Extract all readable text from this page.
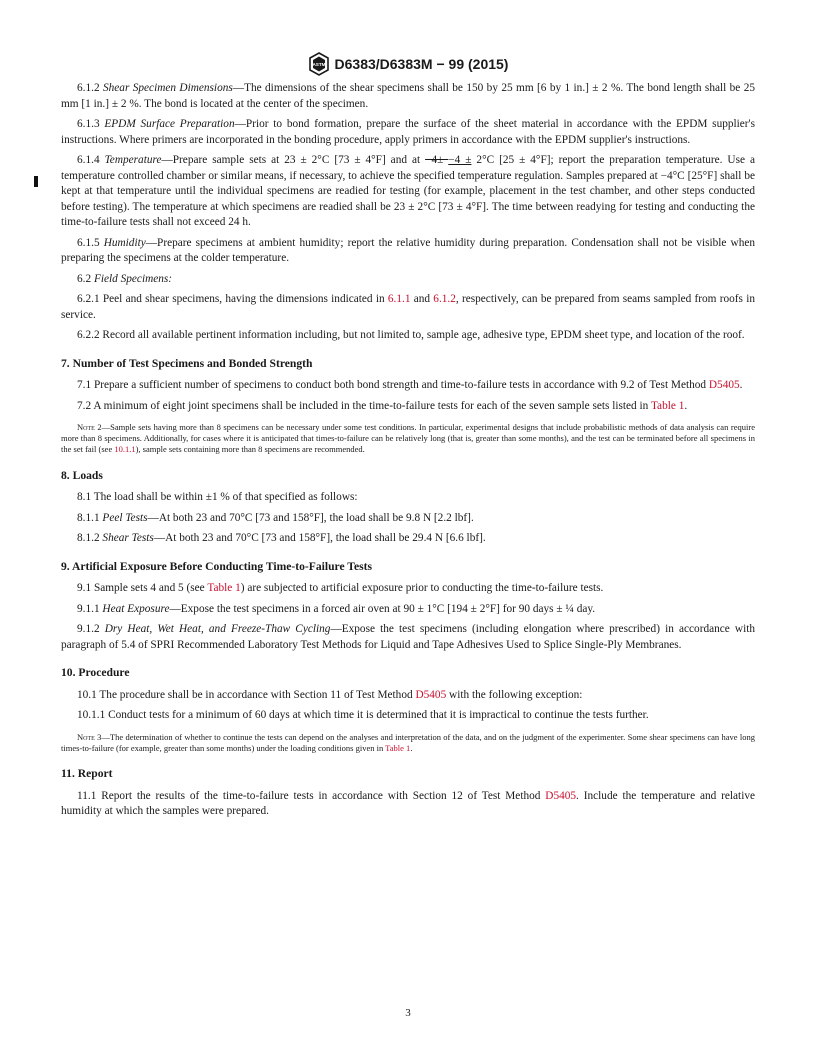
ASTM D6383/D6383M − 99 (2015)

6.1.2 Shear Specimen Dimensions—The dimensions of the shear specimens shall be 150 by 25 mm [6 by 1 in.] ± 2 %. The bond length shall be 25 mm [1 in.] ± 2 %. The bond is located at the center of the specimen.

6.1.3 EPDM Surface Preparation—Prior to bond formation, prepare the surface of the sheet material in accordance with the EPDM supplier's instructions. Where primers are incorporated in the bonding procedure, apply primers in accordance with the EPDM supplier's instructions.

6.1.4 Temperature—Prepare sample sets at 23 ± 2°C [73 ± 4°F] and at −4± −4 ± 2°C [25 ± 4°F]; report the preparation temperature. Use a temperature controlled chamber or similar means, if necessary, to achieve the specified temperature regulation. Samples prepared at −4°C [25°F] shall be kept at that temperature until the individual specimens are readied for testing (for example, placement in the test chamber, and other steps conducted before testing). The temperature at which specimens are readied shall be 23 ± 2°C [73 ± 4°F]. The time between readying for testing and conducting the time-to-failure tests shall not exceed 24 h.

6.1.5 Humidity—Prepare specimens at ambient humidity; report the relative humidity during preparation. Condensation shall not be visible when preparing the specimens at the colder temperature.

6.2 Field Specimens:

6.2.1 Peel and shear specimens, having the dimensions indicated in 6.1.1 and 6.1.2, respectively, can be prepared from seams sampled from roofs in service.

6.2.2 Record all available pertinent information including, but not limited to, sample age, adhesive type, EPDM sheet type, and location of the roof.

7. Number of Test Specimens and Bonded Strength

7.1 Prepare a sufficient number of specimens to conduct both bond strength and time-to-failure tests in accordance with 9.2 of Test Method D5405.

7.2 A minimum of eight joint specimens shall be included in the time-to-failure tests for each of the seven sample sets listed in Table 1.

Note 2—Sample sets having more than 8 specimens can be necessary under some test conditions. In particular, experimental designs that include probabilistic methods of data analysis can require more than 8 specimens. Additionally, for cases where it is anticipated that times-to-failure can be relatively long (that is, greater than some months), and the test can be terminated before all specimens in the set fail (see 10.1.1), sample sets containing more than 8 specimens are recommended.

8. Loads

8.1 The load shall be within ±1 % of that specified as follows:

8.1.1 Peel Tests—At both 23 and 70°C [73 and 158°F], the load shall be 9.8 N [2.2 lbf].

8.1.2 Shear Tests—At both 23 and 70°C [73 and 158°F], the load shall be 29.4 N [6.6 lbf].

9. Artificial Exposure Before Conducting Time-to-Failure Tests

9.1 Sample sets 4 and 5 (see Table 1) are subjected to artificial exposure prior to conducting the time-to-failure tests.

9.1.1 Heat Exposure—Expose the test specimens in a forced air oven at 90 ± 1°C [194 ± 2°F] for 90 days ± ¼ day.

9.1.2 Dry Heat, Wet Heat, and Freeze-Thaw Cycling—Expose the test specimens (including elongation where prescribed) in accordance with paragraph of 5.4 of SPRI Recommended Laboratory Test Methods for Liquid and Tape Adhesives Used to Splice Single-Ply Membranes.

10. Procedure

10.1 The procedure shall be in accordance with Section 11 of Test Method D5405 with the following exception:

10.1.1 Conduct tests for a minimum of 60 days at which time it is determined that it is impractical to continue the tests further.

Note 3—The determination of whether to continue the tests can depend on the analyses and interpretation of the data, and on the judgment of the experimenter. Some shear specimens can have long times-to-failure (for example, greater than some months) under the loading conditions given in Table 1.

11. Report

11.1 Report the results of the time-to-failure tests in accordance with Section 12 of Test Method D5405. Include the temperature and relative humidity at which the samples were prepared.

3
